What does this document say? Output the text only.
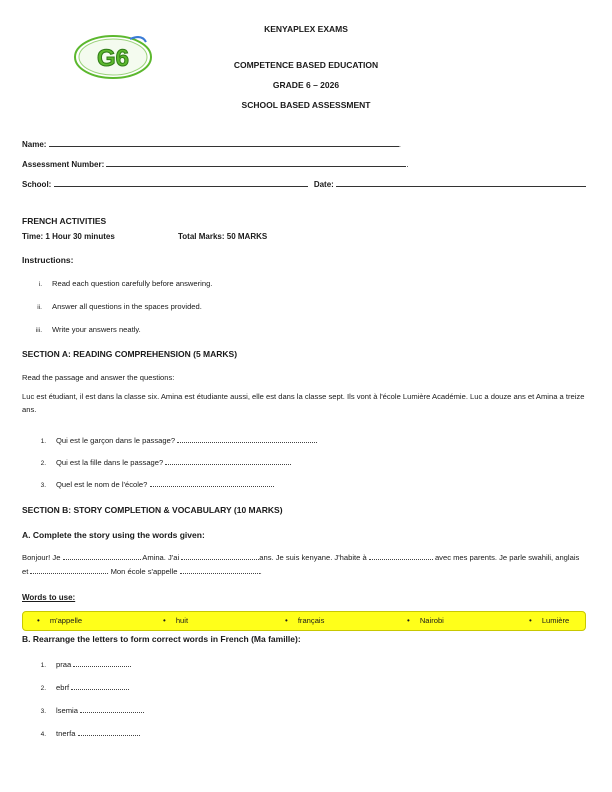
KENYAPLEX EXAMS
COMPETENCE BASED EDUCATION
GRADE 6 – 2026
SCHOOL BASED ASSESSMENT
G6
Name:	.
Assessment Number:	.
School:	Date:
FRENCH ACTIVITIES
Time: 1 Hour 30 minutes	Total Marks: 50 MARKS
Instructions:
i. Read each question carefully before answering.
ii. Answer all questions in the spaces provided.
iii. Write your answers neatly.
SECTION A: READING COMPREHENSION (5 MARKS)
Read the passage and answer the questions:
Luc est étudiant, il est dans la classe six. Amina est étudiante aussi, elle est dans la classe sept. Ils vont à l'école Lumière Académie. Luc a douze ans et Amina a treize ans.
1. Qui est le garçon dans le passage?
2. Qui est la fille dans le passage?
3. Quel est le nom de l'école?
SECTION B: STORY COMPLETION & VOCABULARY (10 MARKS)
A. Complete the story using the words given:
Bonjour! Je	Amina. J'ai	ans. Je suis kenyane. J'habite à	avec mes parents. Je parle swahili, anglais
et	Mon école s'appelle	.
Words to use:
• m'appelle	• huit	• français	• Nairobi	• Lumière
B. Rearrange the letters to form correct words in French (Ma famille):
1. praa
2. ebrf
3. lsemia
4. tnerfa
